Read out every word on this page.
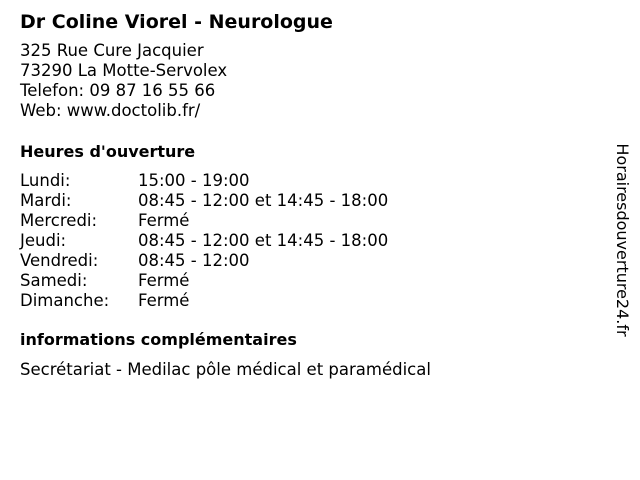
Dr Coline Viorel - Neurologue
325 Rue Cure Jacquier
73290 La Motte-Servolex
Telefon: 09 87 16 55 66
Web: www.doctolib.fr/
Heures d'ouverture
Lundi:	15:00 - 19:00
Mardi:	08:45 - 12:00 et 14:45 - 18:00
Mercredi:	Fermé
Jeudi:	08:45 - 12:00 et 14:45 - 18:00
Vendredi:	08:45 - 12:00
Samedi:	Fermé
Dimanche:	Fermé
informations complémentaires
Secrétariat - Medilac pôle médical et paramédical
Horairesdouverture24.fr
